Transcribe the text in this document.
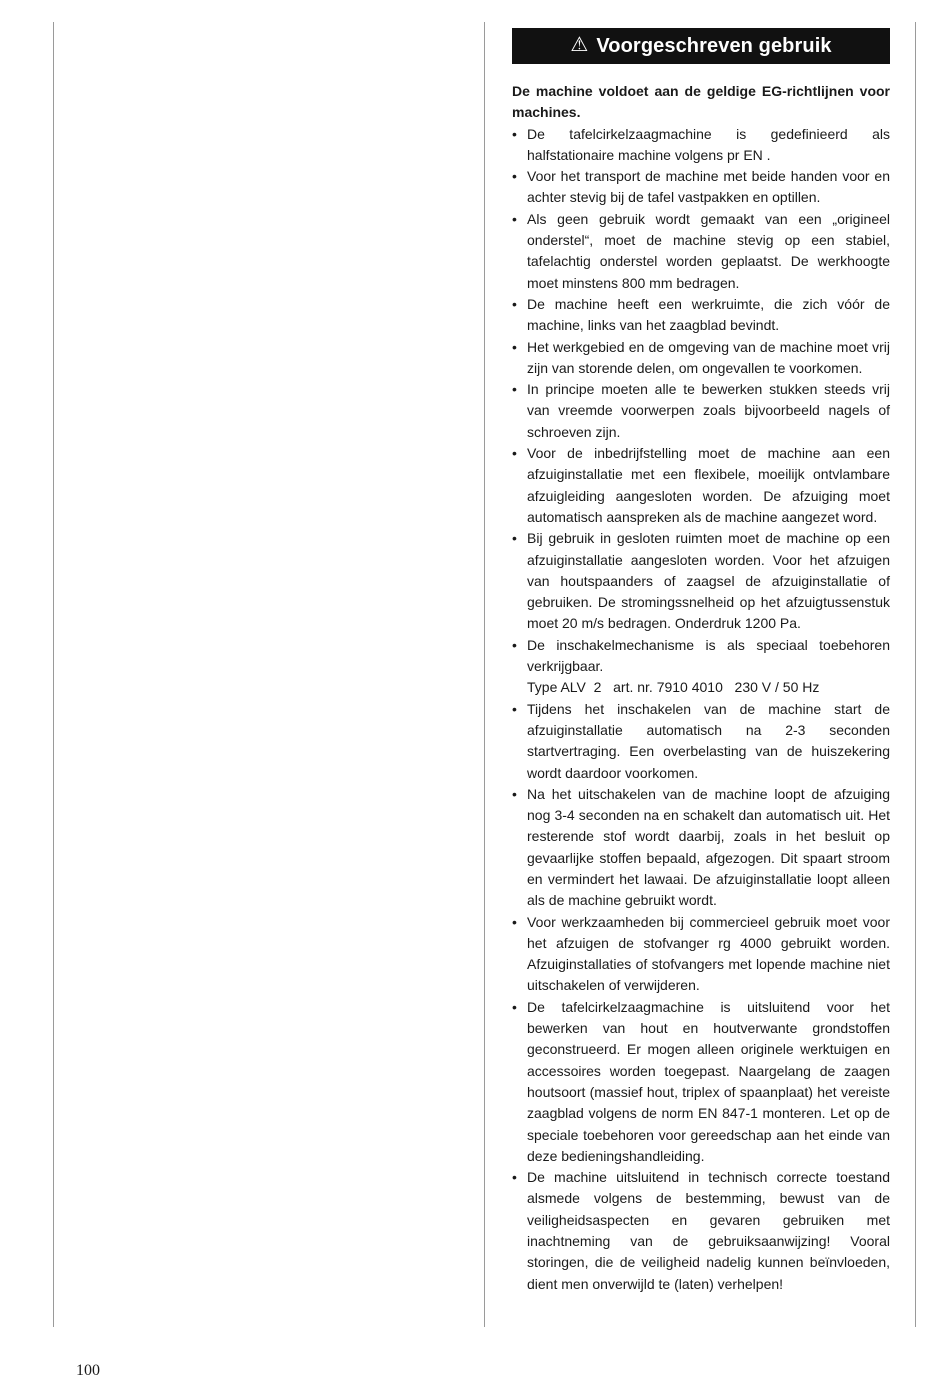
⚠ Voorgeschreven gebruik
De machine voldoet aan de geldige EG-richtlijnen voor machines.
• De tafelcirkelzaagmachine is gedefinieerd als halfstationaire machine volgens pr EN .
• Voor het transport de machine met beide handen voor en achter stevig bij de tafel vastpakken en optillen.
• Als geen gebruik wordt gemaakt van een „origineel onderstel“, moet de machine stevig op een stabiel, tafelachtig onderstel worden geplaatst. De werkhoogte moet minstens 800 mm bedragen.
• De machine heeft een werkruimte, die zich vóór de machine, links van het zaagblad bevindt.
• Het werkgebied en de omgeving van de machine moet vrij zijn van storende delen, om ongevallen te voorkomen.
• In principe moeten alle te bewerken stukken steeds vrij van vreemde voorwerpen zoals bijvoorbeeld nagels of schroeven zijn.
• Voor de inbedrijfstelling moet de machine aan een afzuiginstallatie met een flexibele, moeilijk ontvlambare afzuigleiding aangesloten worden. De afzuiging moet automatisch aanspreken als de machine aangezet word.
• Bij gebruik in gesloten ruimten moet de machine op een afzuiginstallatie aangesloten worden. Voor het afzuigen van houtspaanders of zaagsel de afzuiginstallatie of gebruiken. De stromingssnelheid op het afzuigtussenstuk moet 20 m/s bedragen. Onderdruk 1200 Pa.
• De inschakelmechanisme is als speciaal toebehoren verkrijgbaar.
Type ALV  2   art. nr. 7910 4010   230 V / 50 Hz
• Tijdens het inschakelen van de machine start de afzuiginstallatie automatisch na 2-3 seconden startvertraging. Een overbelasting van de huiszekering wordt daardoor voorkomen.
• Na het uitschakelen van de machine loopt de afzuiging nog 3-4 seconden na en schakelt dan automatisch uit. Het resterende stof wordt daarbij, zoals in het besluit op gevaarlijke stoffen bepaald, afgezogen. Dit spaart stroom en vermindert het lawaai. De afzuiginstallatie loopt alleen als de machine gebruikt wordt.
• Voor werkzaamheden bij commercieel gebruik moet voor het afzuigen de stofvanger rg 4000 gebruikt worden. Afzuiginstallaties of stofvangers met lopende machine niet uitschakelen of verwijderen.
• De tafelcirkelzaagmachine is uitsluitend voor het bewerken van hout en houtverwante grondstoffen geconstrueerd. Er mogen alleen originele werktuigen en accessoires worden toegepast. Naargelang de zaagen houtsoort (massief hout, triplex of spaanplaat) het vereiste zaagblad volgens de norm EN 847-1 monteren. Let op de speciale toebehoren voor gereedschap aan het einde van deze bedieningshandleiding.
• De machine uitsluitend in technisch correcte toestand alsmede volgens de bestemming, bewust van de veiligheidsaspecten en gevaren gebruiken met inachtneming van de gebruiksaanwijzing! Vooral storingen, die de veiligheid nadelig kunnen beïnvloeden, dient men onverwijld te (laten) verhelpen!
100
